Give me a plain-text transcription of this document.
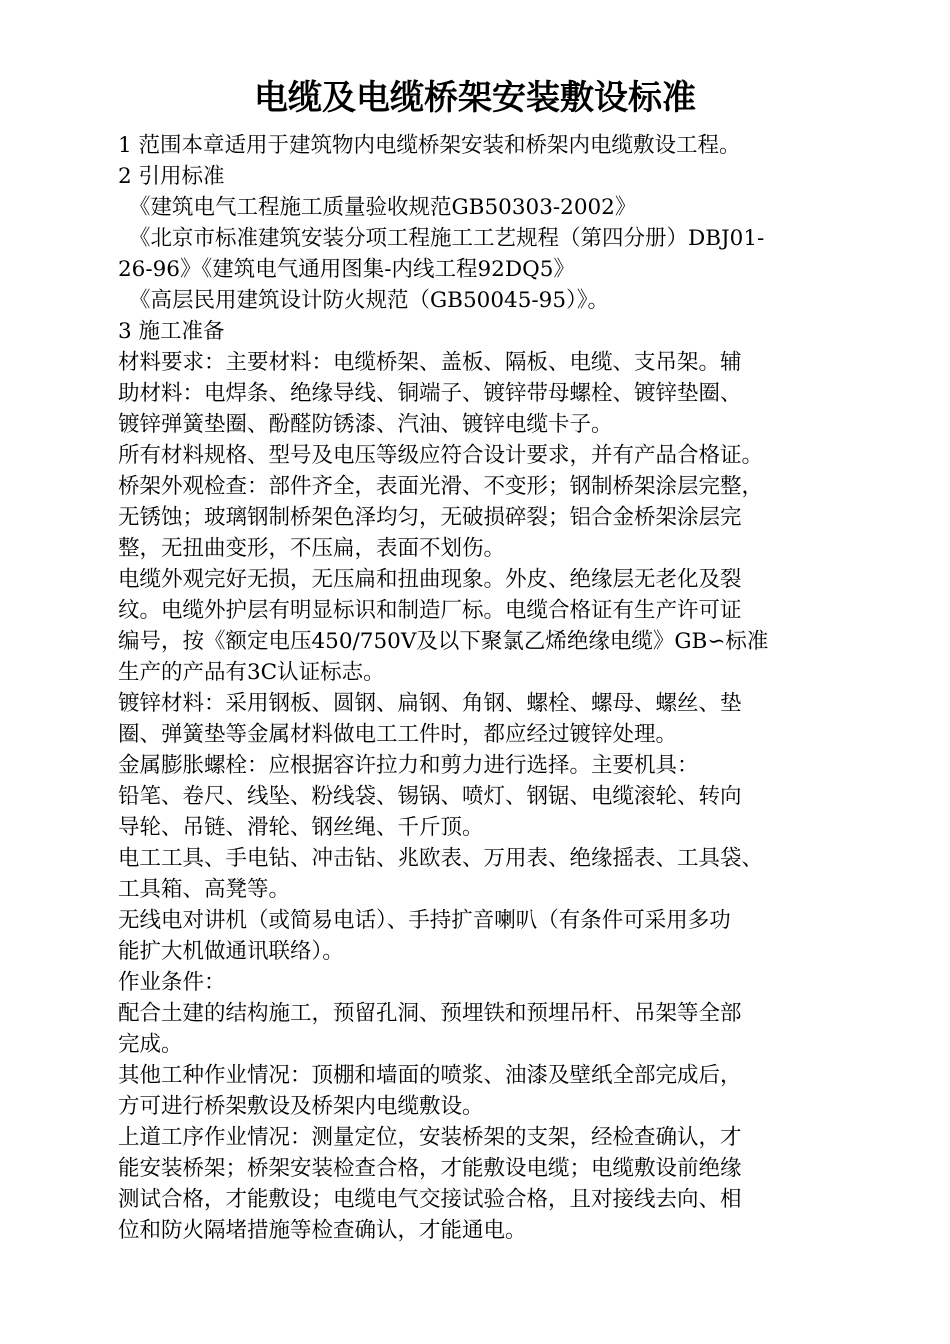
电缆及电缆桥架安装敷设标准
1 范围本章适用于建筑物内电缆桥架安装和桥架内电缆敷设工程。
2 引用标准
《建筑电气工程施工质量验收规范GB50303-2002》
《北京市标准建筑安装分项工程施工工艺规程（第四分册）DBJ01-
26-96》《建筑电气通用图集-内线工程92DQ5》
《高层民用建筑设计防火规范（GB50045-95）》。
3 施工准备
材料要求：主要材料：电缆桥架、盖板、隔板、电缆、支吊架。辅
助材料：电焊条、绝缘导线、铜端子、镀锌带母螺栓、镀锌垫圈、
镀锌弹簧垫圈、酚醛防锈漆、汽油、镀锌电缆卡子。
所有材料规格、型号及电压等级应符合设计要求，并有产品合格证。
桥架外观检查：部件齐全，表面光滑、不变形；钢制桥架涂层完整，
无锈蚀；玻璃钢制桥架色泽均匀，无破损碎裂；铝合金桥架涂层完
整，无扭曲变形，不压扁，表面不划伤。
电缆外观完好无损，无压扁和扭曲现象。外皮、绝缘层无老化及裂
纹。电缆外护层有明显标识和制造厂标。电缆合格证有生产许可证
编号，按《额定电压450/750V及以下聚氯乙烯绝缘电缆》GB∽标准
生产的产品有3C认证标志。
镀锌材料：采用钢板、圆钢、扁钢、角钢、螺栓、螺母、螺丝、垫
圈、弹簧垫等金属材料做电工工件时，都应经过镀锌处理。
金属膨胀螺栓：应根据容许拉力和剪力进行选择。主要机具：
铅笔、卷尺、线坠、粉线袋、锡锅、喷灯、钢锯、电缆滚轮、转向
导轮、吊链、滑轮、钢丝绳、千斤顶。
电工工具、手电钻、冲击钻、兆欧表、万用表、绝缘摇表、工具袋、
工具箱、高凳等。
无线电对讲机（或简易电话）、手持扩音喇叭（有条件可采用多功
能扩大机做通讯联络）。
作业条件：
配合土建的结构施工，预留孔洞、预埋铁和预埋吊杆、吊架等全部
完成。
其他工种作业情况：顶棚和墙面的喷浆、油漆及壁纸全部完成后，
方可进行桥架敷设及桥架内电缆敷设。
上道工序作业情况：测量定位，安装桥架的支架，经检查确认，才
能安装桥架；桥架安装检查合格，才能敷设电缆；电缆敷设前绝缘
测试合格，才能敷设；电缆电气交接试验合格，且对接线去向、相
位和防火隔堵措施等检查确认，才能通电。
